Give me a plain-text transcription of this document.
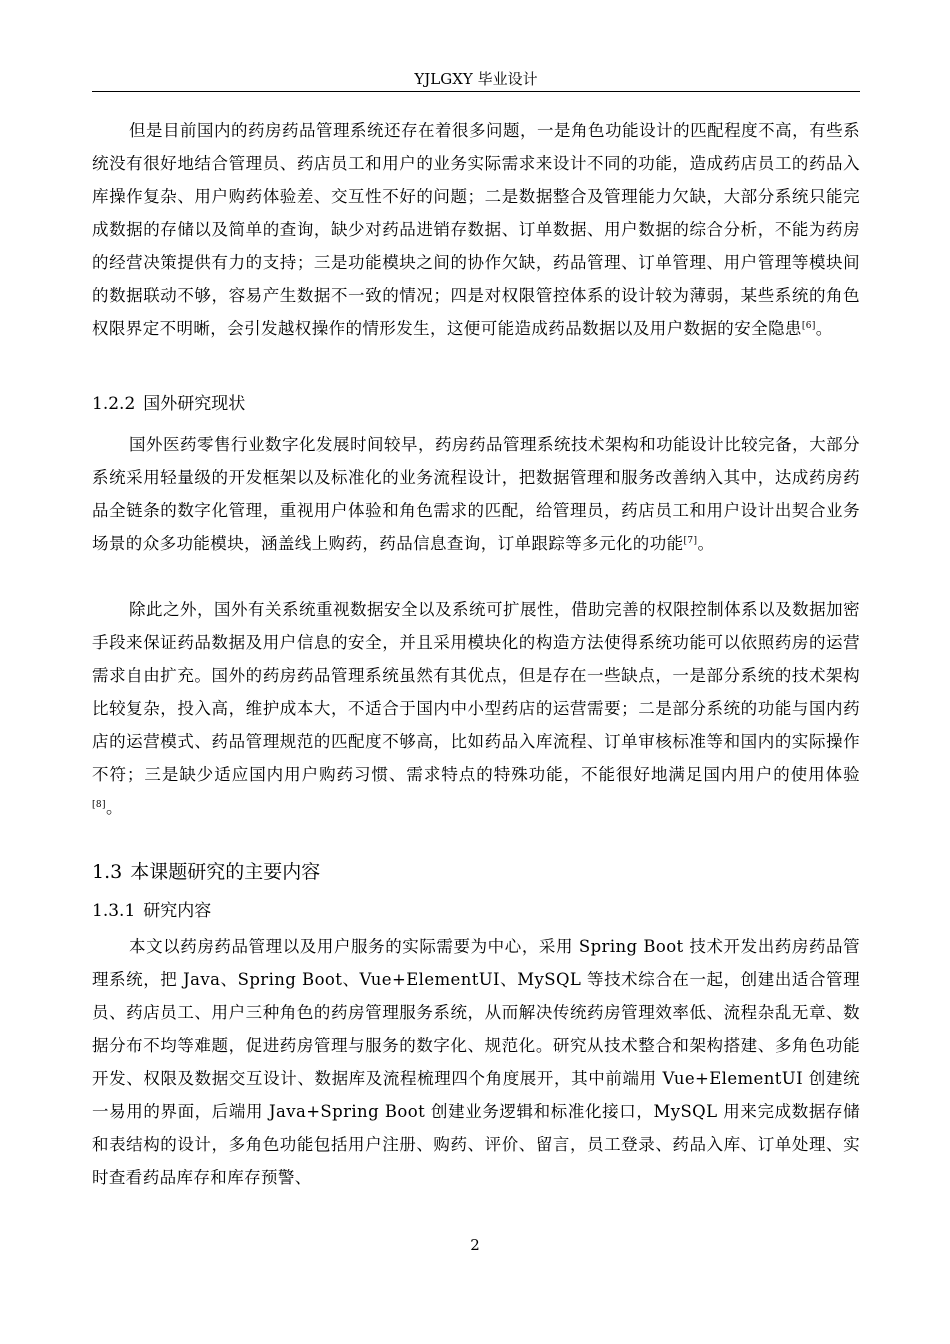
YJLGXY 毕业设计

但是目前国内的药房药品管理系统还存在着很多问题，一是角色功能设计的匹配程度不高，有些系统没有很好地结合管理员、药店员工和用户的业务实际需求来设计不同的功能，造成药店员工的药品入库操作复杂、用户购药体验差、交互性不好的问题；二是数据整合及管理能力欠缺，大部分系统只能完成数据的存储以及简单的查询，缺少对药品进销存数据、订单数据、用户数据的综合分析，不能为药房的经营决策提供有力的支持；三是功能模块之间的协作欠缺，药品管理、订单管理、用户管理等模块间的数据联动不够，容易产生数据不一致的情况；四是对权限管控体系的设计较为薄弱，某些系统的角色权限界定不明晰，会引发越权操作的情形发生，这便可能造成药品数据以及用户数据的安全隐患[6]。

1.2.2 国外研究现状

国外医药零售行业数字化发展时间较早，药房药品管理系统技术架构和功能设计比较完备，大部分系统采用轻量级的开发框架以及标准化的业务流程设计，把数据管理和服务改善纳入其中，达成药房药品全链条的数字化管理，重视用户体验和角色需求的匹配，给管理员，药店员工和用户设计出契合业务场景的众多功能模块，涵盖线上购药，药品信息查询，订单跟踪等多元化的功能[7]。

除此之外，国外有关系统重视数据安全以及系统可扩展性，借助完善的权限控制体系以及数据加密手段来保证药品数据及用户信息的安全，并且采用模块化的构造方法使得系统功能可以依照药房的运营需求自由扩充。国外的药房药品管理系统虽然有其优点，但是存在一些缺点，一是部分系统的技术架构比较复杂，投入高，维护成本大，不适合于国内中小型药店的运营需要；二是部分系统的功能与国内药店的运营模式、药品管理规范的匹配度不够高，比如药品入库流程、订单审核标准等和国内的实际操作不符；三是缺少适应国内用户购药习惯、需求特点的特殊功能，不能很好地满足国内用户的使用体验[8]。

1.3 本课题研究的主要内容
1.3.1 研究内容

本文以药房药品管理以及用户服务的实际需要为中心，采用 Spring Boot 技术开发出药房药品管理系统，把 Java、Spring Boot、Vue+ElementUI、MySQL 等技术综合在一起，创建出适合管理员、药店员工、用户三种角色的药房管理服务系统，从而解决传统药房管理效率低、流程杂乱无章、数据分布不均等难题，促进药房管理与服务的数字化、规范化。研究从技术整合和架构搭建、多角色功能开发、权限及数据交互设计、数据库及流程梳理四个角度展开，其中前端用 Vue+ElementUI 创建统一易用的界面，后端用 Java+Spring Boot 创建业务逻辑和标准化接口，MySQL 用来完成数据存储和表结构的设计，多角色功能包括用户注册、购药、评价、留言，员工登录、药品入库、订单处理、实时查看药品库存和库存预警、

2
